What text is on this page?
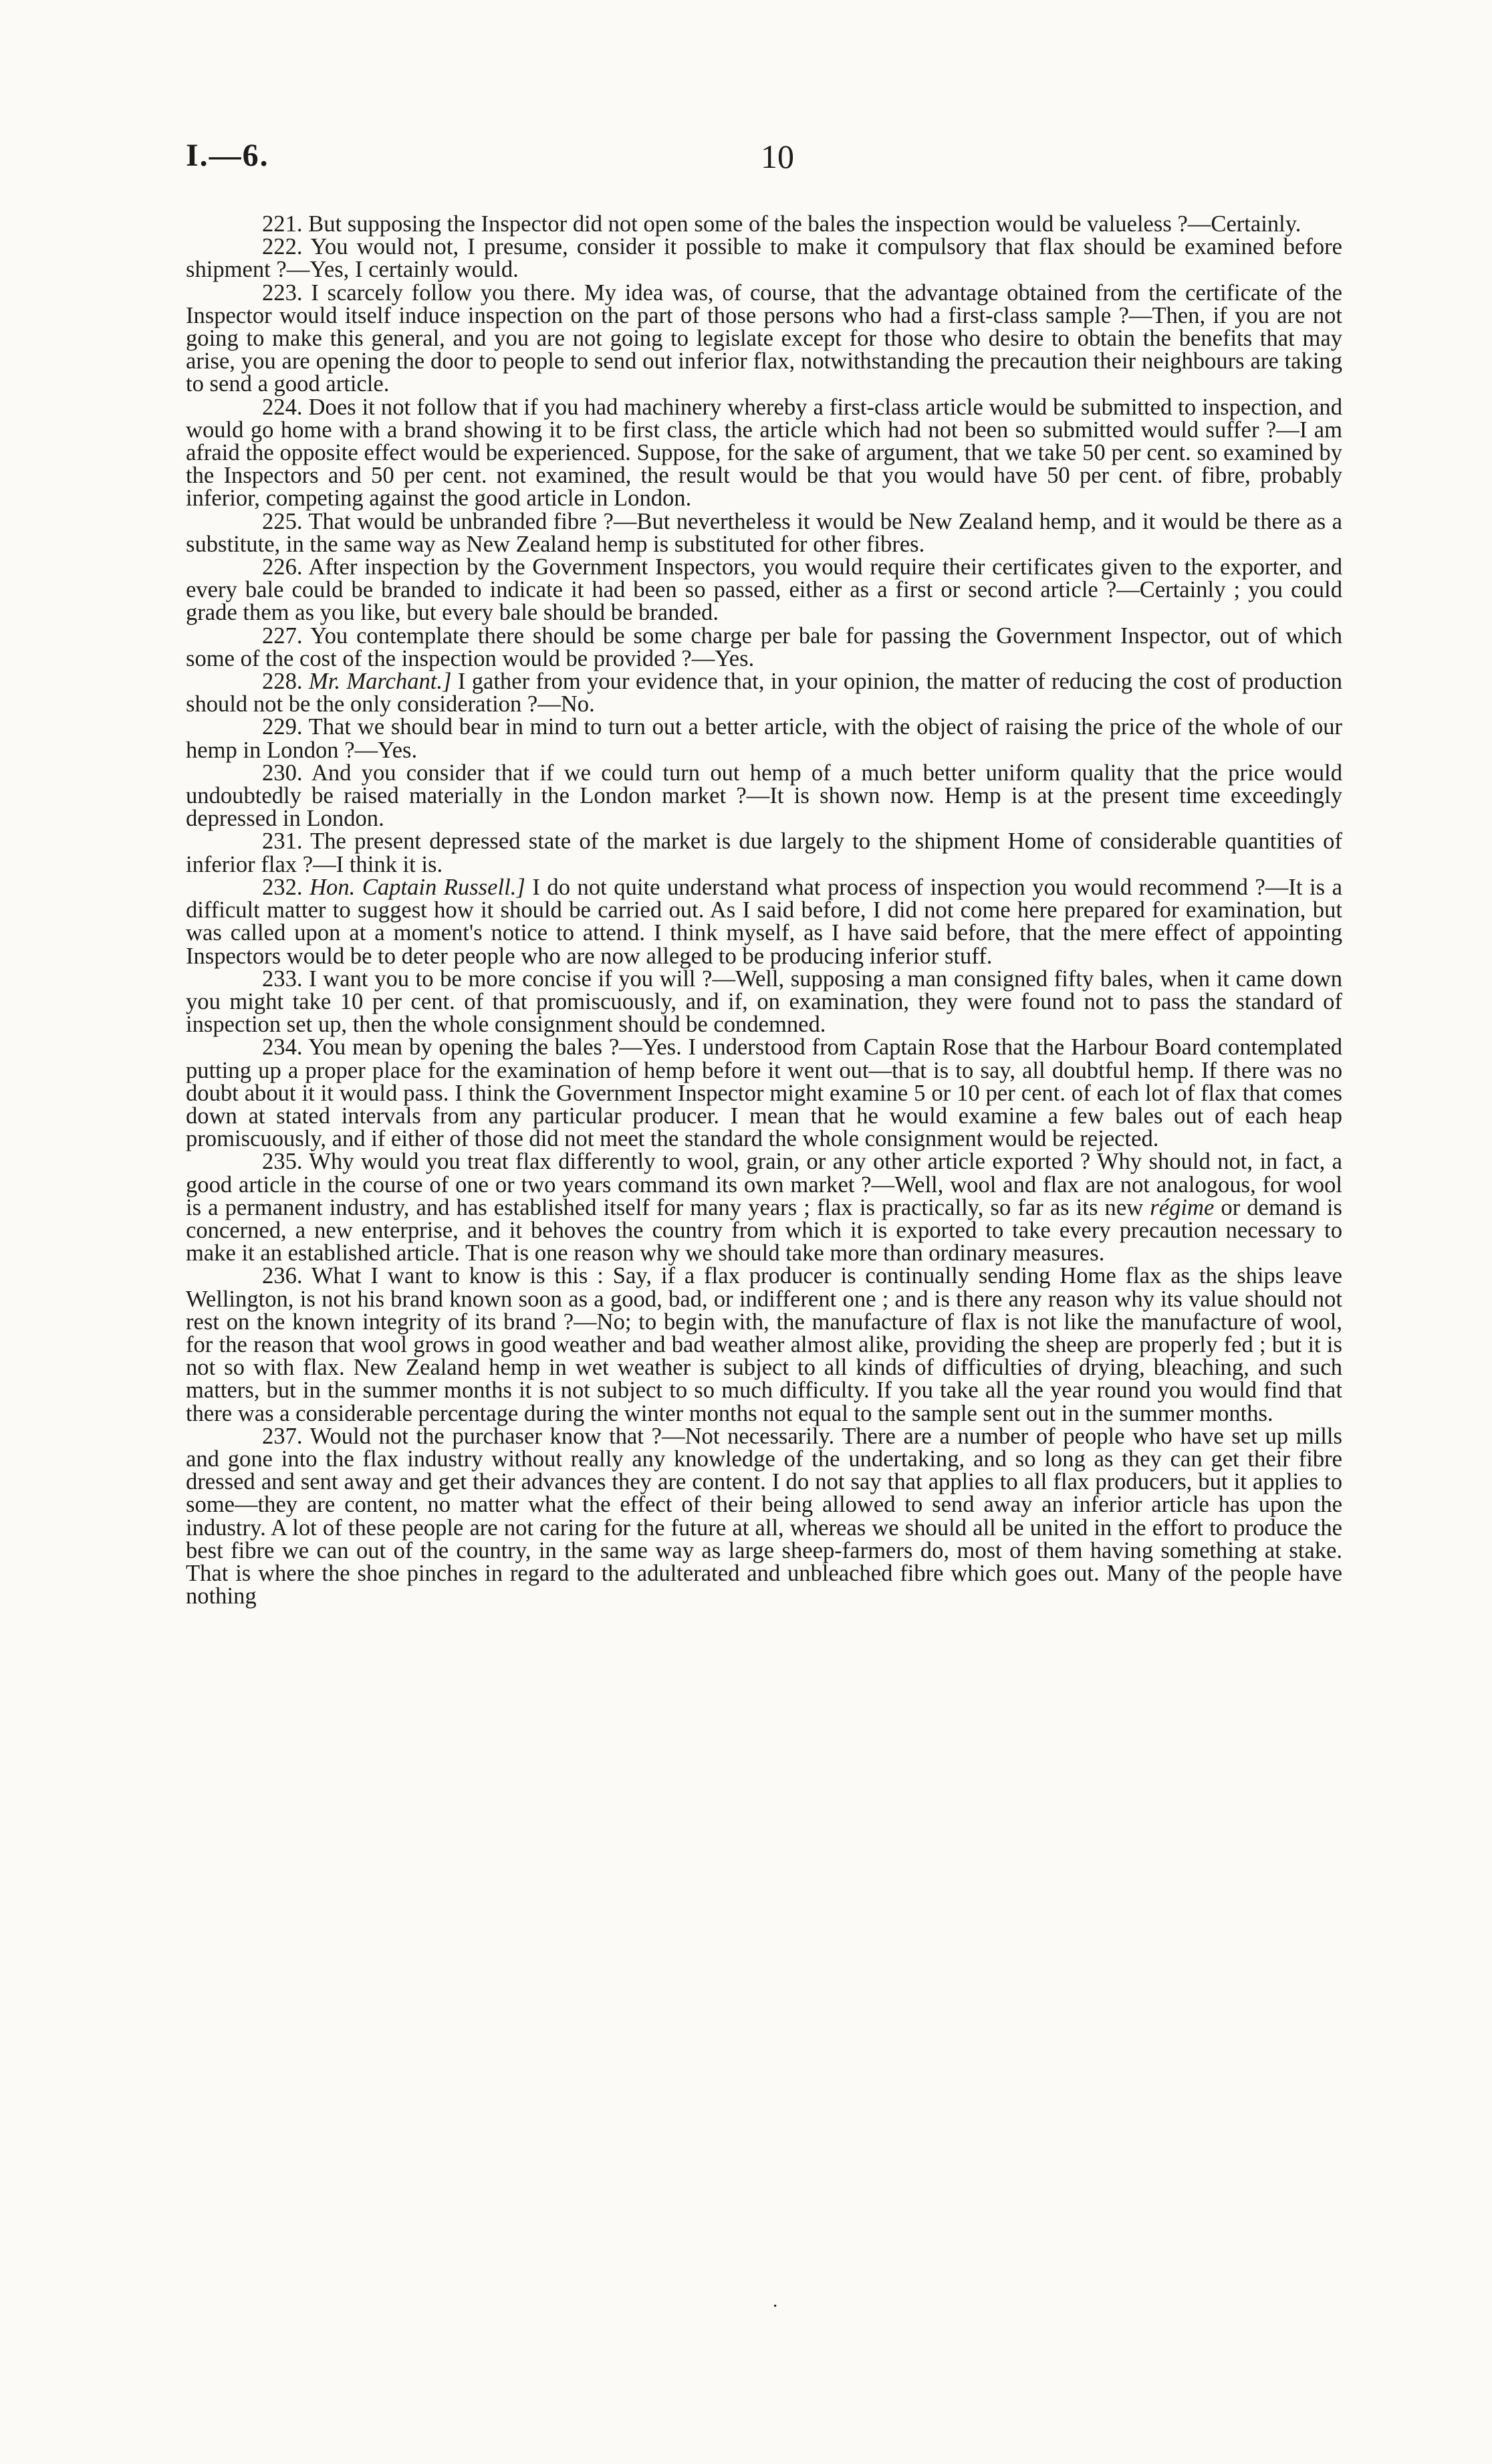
I.—6.	10

221. But supposing the Inspector did not open some of the bales the inspection would be valueless ?—Certainly.

222. You would not, I presume, consider it possible to make it compulsory that flax should be examined before shipment ?—Yes, I certainly would.

223. I scarcely follow you there. My idea was, of course, that the advantage obtained from the certificate of the Inspector would itself induce inspection on the part of those persons who had a first-class sample ?—Then, if you are not going to make this general, and you are not going to legislate except for those who desire to obtain the benefits that may arise, you are opening the door to people to send out inferior flax, notwithstanding the precaution their neighbours are taking to send a good article.

224. Does it not follow that if you had machinery whereby a first-class article would be submitted to inspection, and would go home with a brand showing it to be first class, the article which had not been so submitted would suffer ?—I am afraid the opposite effect would be experienced. Suppose, for the sake of argument, that we take 50 per cent. so examined by the Inspectors and 50 per cent. not examined, the result would be that you would have 50 per cent. of fibre, probably inferior, competing against the good article in London.

225. That would be unbranded fibre ?—But nevertheless it would be New Zealand hemp, and it would be there as a substitute, in the same way as New Zealand hemp is substituted for other fibres.

226. After inspection by the Government Inspectors, you would require their certificates given to the exporter, and every bale could be branded to indicate it had been so passed, either as a first or second article ?—Certainly ; you could grade them as you like, but every bale should be branded.

227. You contemplate there should be some charge per bale for passing the Government Inspector, out of which some of the cost of the inspection would be provided ?—Yes.

228. Mr. Marchant.] I gather from your evidence that, in your opinion, the matter of reducing the cost of production should not be the only consideration ?—No.

229. That we should bear in mind to turn out a better article, with the object of raising the price of the whole of our hemp in London ?—Yes.

230. And you consider that if we could turn out hemp of a much better uniform quality that the price would undoubtedly be raised materially in the London market ?—It is shown now. Hemp is at the present time exceedingly depressed in London.

231. The present depressed state of the market is due largely to the shipment Home of considerable quantities of inferior flax ?—I think it is.

232. Hon. Captain Russell.] I do not quite understand what process of inspection you would recommend ?—It is a difficult matter to suggest how it should be carried out. As I said before, I did not come here prepared for examination, but was called upon at a moment's notice to attend. I think myself, as I have said before, that the mere effect of appointing Inspectors would be to deter people who are now alleged to be producing inferior stuff.

233. I want you to be more concise if you will ?—Well, supposing a man consigned fifty bales, when it came down you might take 10 per cent. of that promiscuously, and if, on examination, they were found not to pass the standard of inspection set up, then the whole consignment should be condemned.

234. You mean by opening the bales ?—Yes. I understood from Captain Rose that the Harbour Board contemplated putting up a proper place for the examination of hemp before it went out—that is to say, all doubtful hemp. If there was no doubt about it it would pass. I think the Government Inspector might examine 5 or 10 per cent. of each lot of flax that comes down at stated intervals from any particular producer. I mean that he would examine a few bales out of each heap promiscuously, and if either of those did not meet the standard the whole consignment would be rejected.

235. Why would you treat flax differently to wool, grain, or any other article exported ? Why should not, in fact, a good article in the course of one or two years command its own market ?—Well, wool and flax are not analogous, for wool is a permanent industry, and has established itself for many years ; flax is practically, so far as its new régime or demand is concerned, a new enterprise, and it behoves the country from which it is exported to take every precaution necessary to make it an established article. That is one reason why we should take more than ordinary measures.

236. What I want to know is this : Say, if a flax producer is continually sending Home flax as the ships leave Wellington, is not his brand known soon as a good, bad, or indifferent one ; and is there any reason why its value should not rest on the known integrity of its brand ?—No; to begin with, the manufacture of flax is not like the manufacture of wool, for the reason that wool grows in good weather and bad weather almost alike, providing the sheep are properly fed ; but it is not so with flax. New Zealand hemp in wet weather is subject to all kinds of difficulties of drying, bleaching, and such matters, but in the summer months it is not subject to so much difficulty. If you take all the year round you would find that there was a considerable percentage during the winter months not equal to the sample sent out in the summer months.

237. Would not the purchaser know that ?—Not necessarily. There are a number of people who have set up mills and gone into the flax industry without really any knowledge of the undertaking, and so long as they can get their fibre dressed and sent away and get their advances they are content. I do not say that applies to all flax producers, but it applies to some—they are content, no matter what the effect of their being allowed to send away an inferior article has upon the industry. A lot of these people are not caring for the future at all, whereas we should all be united in the effort to produce the best fibre we can out of the country, in the same way as large sheep-farmers do, most of them having something at stake. That is where the shoe pinches in regard to the adulterated and unbleached fibre which goes out. Many of the people have nothing

·
